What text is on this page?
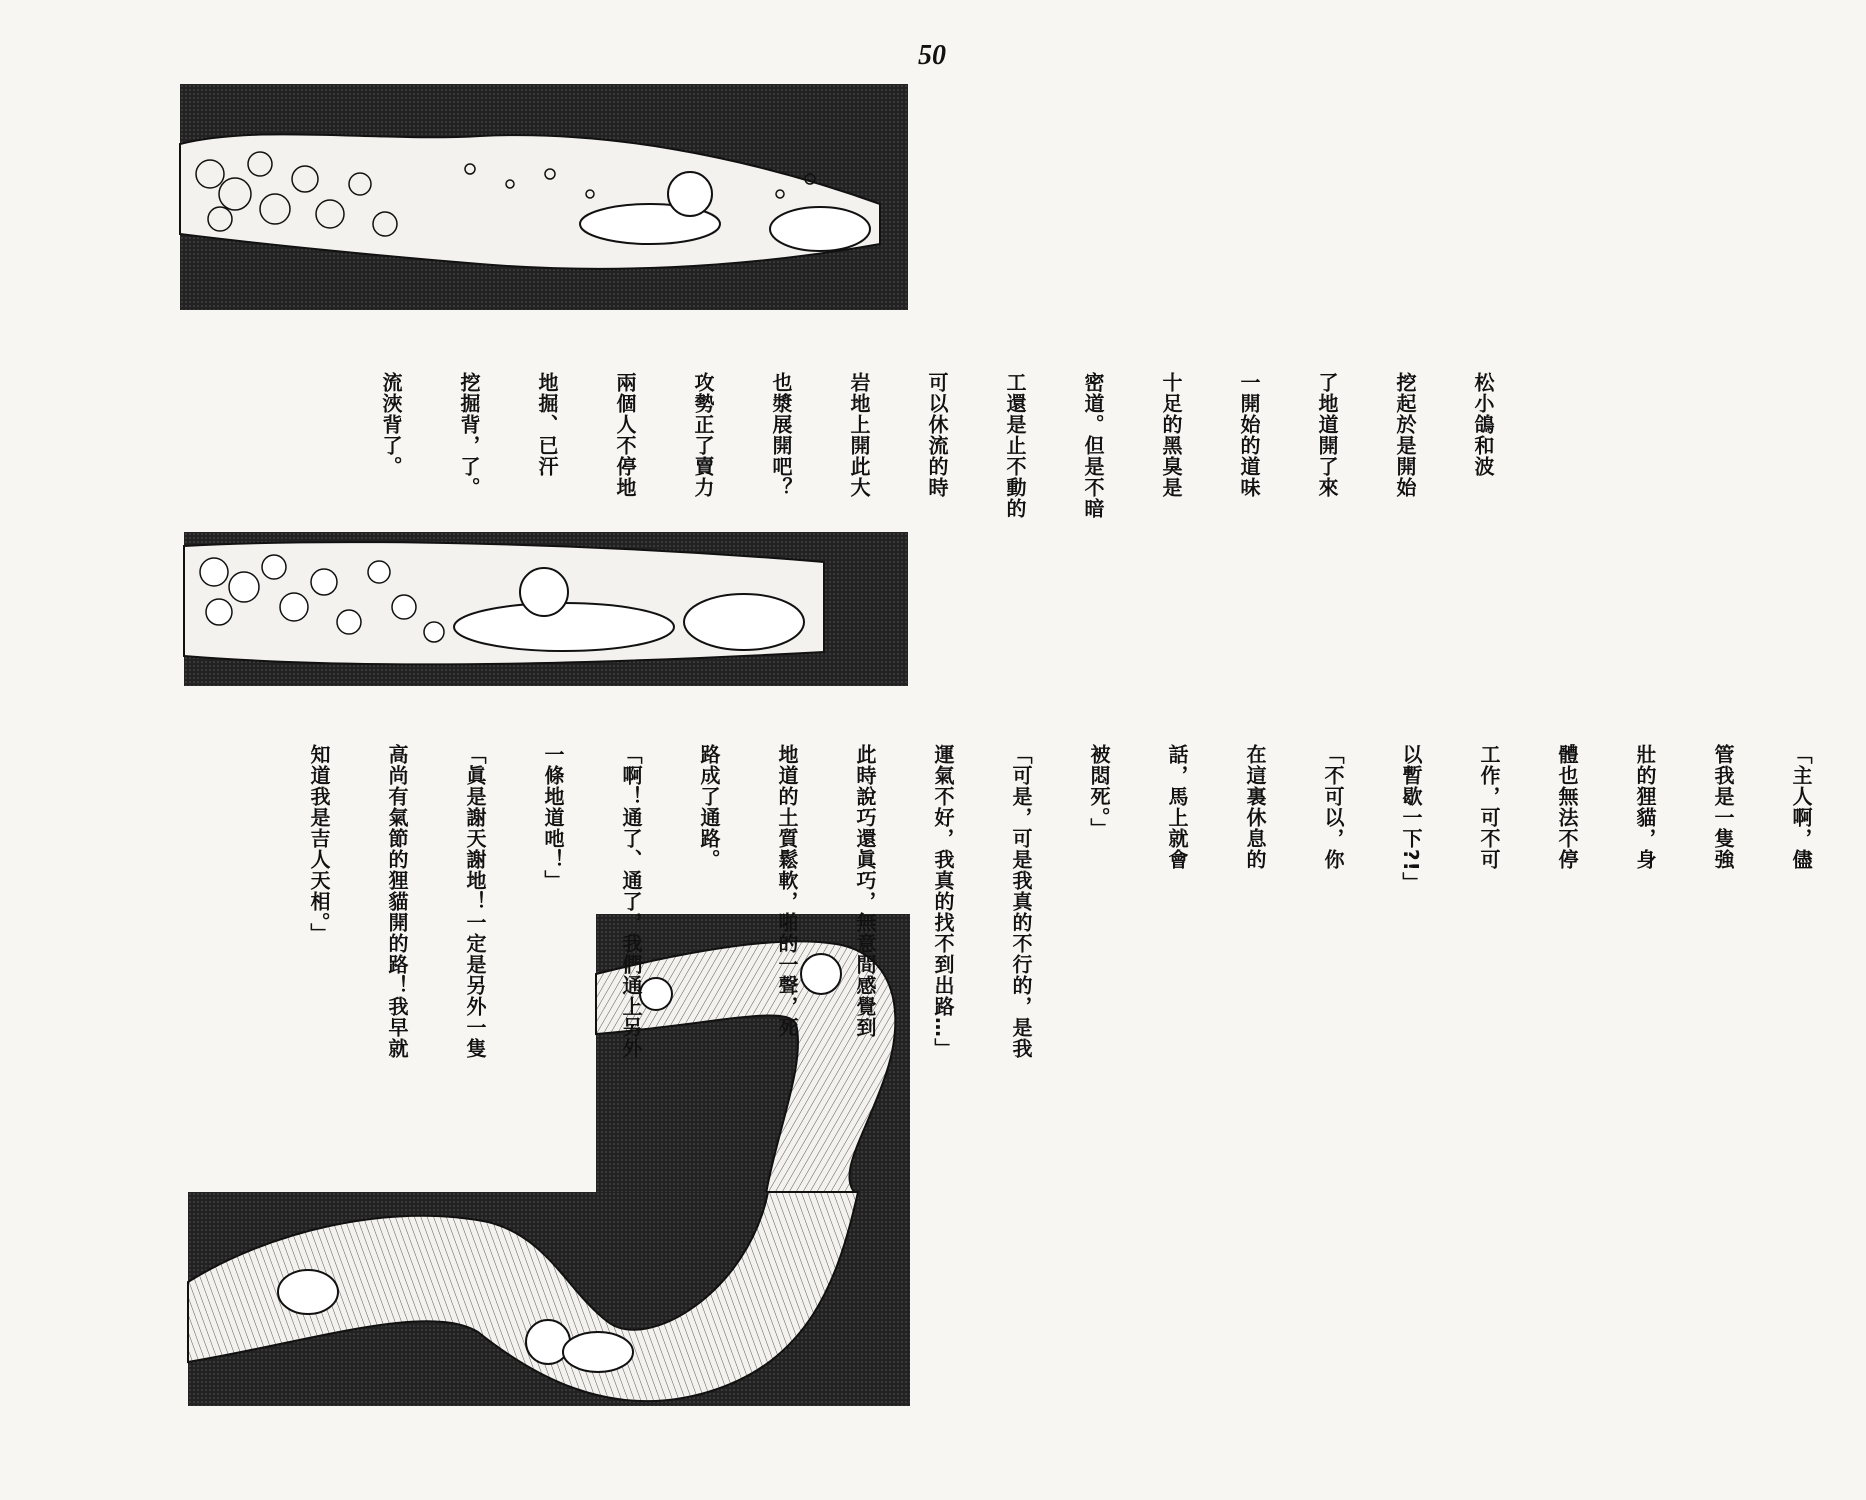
50

松小鴿和波

挖起於是開始

了地道開了來

一開始的道味

十足的黑臭是

密道。但是不暗

工還是止不動的

可以休流的時

岩地上開此大

也漿展開吧？

攻勢正了賣力

兩個人不停地

地掘、已汗

挖掘背，了。

流浹背了。

「主人啊，儘

管我是一隻強

壯的狸貓，身

體也無法不停

工作，可不可

以暫歇一下?!」

「不可以，你

在這裏休息的

話，馬上就會

被悶死。」

「可是，可是我真的不行的，是我

運氣不好，我真的找不到出路…」

此時說巧還眞巧，無意間感覺到

地道的土質鬆軟，啪的一聲，死

路成了通路。

「啊！通了、通了，我們通上另外

一條地道吔！」

「眞是謝天謝地！一定是另外一隻

高尚有氣節的狸貓開的路！我早就

知道我是吉人天相。」
